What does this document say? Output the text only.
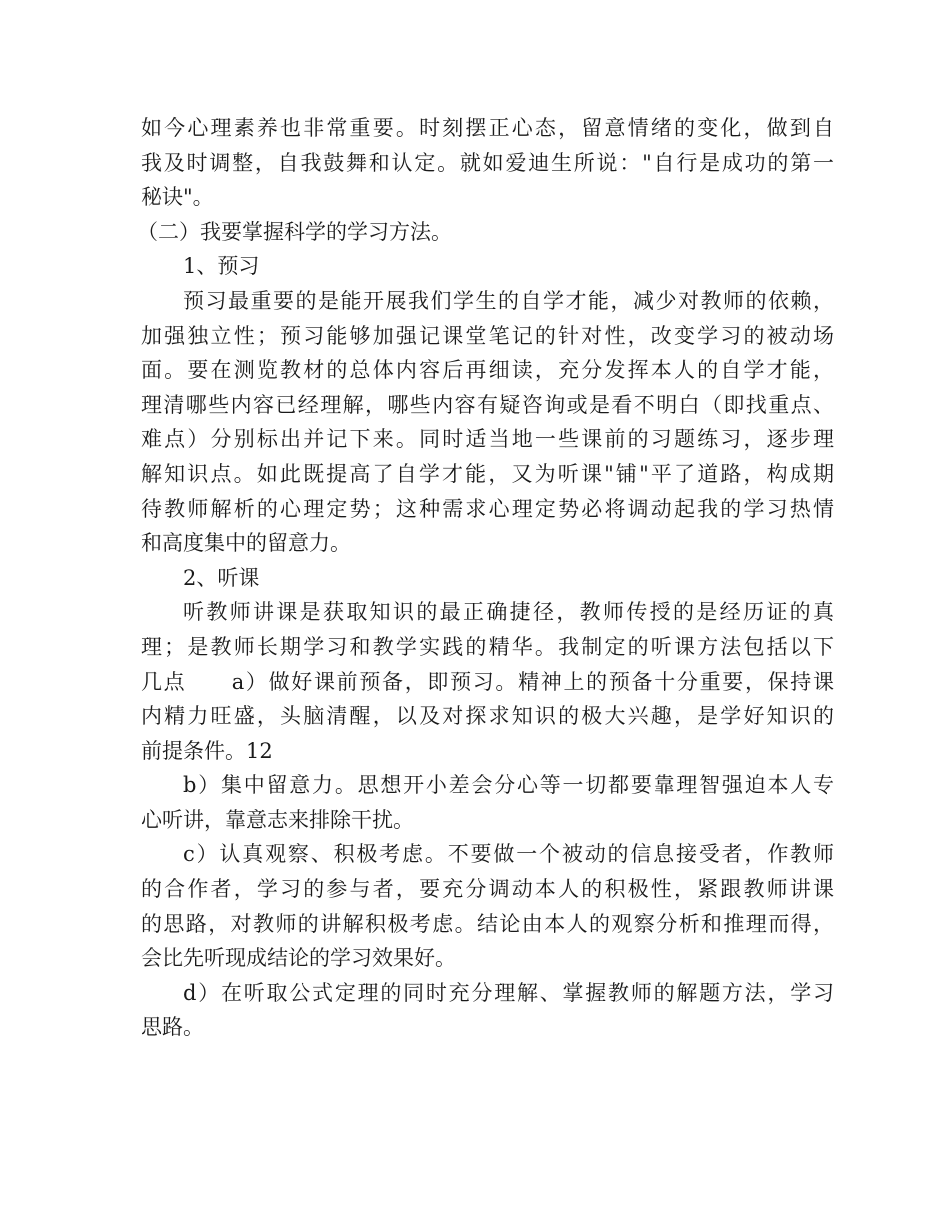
如今心理素养也非常重要。时刻摆正心态，留意情绪的变化，做到自
我及时调整，自我鼓舞和认定。就如爱迪生所说："自行是成功的第一
秘诀"。
（二）我要掌握科学的学习方法。
1、预习
预习最重要的是能开展我们学生的自学才能，减少对教师的依赖，
加强独立性；预习能够加强记课堂笔记的针对性，改变学习的被动场
面。要在测览教材的总体内容后再细读，充分发挥本人的自学才能，
理清哪些内容已经理解，哪些内容有疑咨询或是看不明白（即找重点、
难点）分别标出并记下来。同时适当地一些课前的习题练习，逐步理
解知识点。如此既提高了自学才能，又为听课"铺"平了道路，构成期
待教师解析的心理定势；这种需求心理定势必将调动起我的学习热情
和高度集中的留意力。
2、听课
听教师讲课是获取知识的最正确捷径，教师传授的是经历证的真
理；是教师长期学习和教学实践的精华。我制定的听课方法包括以下
几点　　a）做好课前预备，即预习。精神上的预备十分重要，保持课
内精力旺盛，头脑清醒，以及对探求知识的极大兴趣，是学好知识的
前提条件。12
b）集中留意力。思想开小差会分心等一切都要靠理智强迫本人专
心听讲，靠意志来排除干扰。
c）认真观察、积极考虑。不要做一个被动的信息接受者，作教师
的合作者，学习的参与者，要充分调动本人的积极性，紧跟教师讲课
的思路，对教师的讲解积极考虑。结论由本人的观察分析和推理而得，
会比先听现成结论的学习效果好。
d）在听取公式定理的同时充分理解、掌握教师的解题方法，学习
思路。
